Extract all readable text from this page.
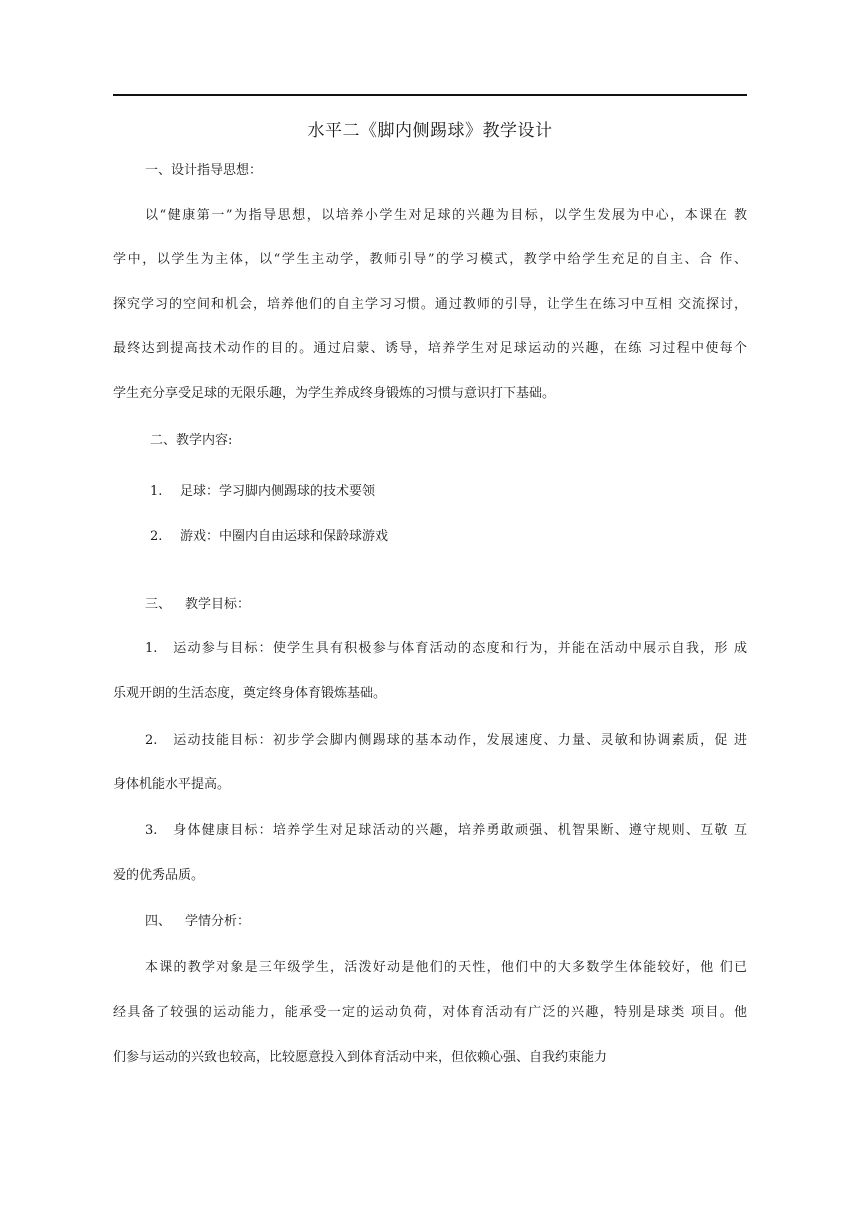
水平二《脚内侧踢球》教学设计
一、设计指导思想：
以“健康第一”为指导思想，以培养小学生对足球的兴趣为目标，以学生发展为中心，本课在 教
学中，以学生为主体，以“学生主动学，教师引导”的学习模式，教学中给学生充足的自主、合 作、
探究学习的空间和机会，培养他们的自主学习习惯。通过教师的引导，让学生在练习中互相 交流探讨，
最终达到提高技术动作的目的。通过启蒙、诱导，培养学生对足球运动的兴趣，在练 习过程中使每个
学生充分享受足球的无限乐趣，为学生养成终身锻炼的习惯与意识打下基础。
二、教学内容:
1. 足球：学习脚内侧踢球的技术要领
2. 游戏：中圈内自由运球和保龄球游戏
三、 教学目标：
1. 运动参与目标：使学生具有积极参与体育活动的态度和行为，并能在活动中展示自我，形 成
乐观开朗的生活态度，奠定终身体育锻炼基础。
2. 运动技能目标：初步学会脚内侧踢球的基本动作，发展速度、力量、灵敏和协调素质，促 进
身体机能水平提高。
3. 身体健康目标：培养学生对足球活动的兴趣，培养勇敢顽强、机智果断、遵守规则、互敬 互
爱的优秀品质。
四、 学情分析：
本课的教学对象是三年级学生，活泼好动是他们的天性，他们中的大多数学生体能较好，他 们已
经具备了较强的运动能力，能承受一定的运动负荷，对体育活动有广泛的兴趣，特别是球类 项目。他
们参与运动的兴致也较高，比较愿意投入到体育活动中来，但依赖心强、自我约束能力
